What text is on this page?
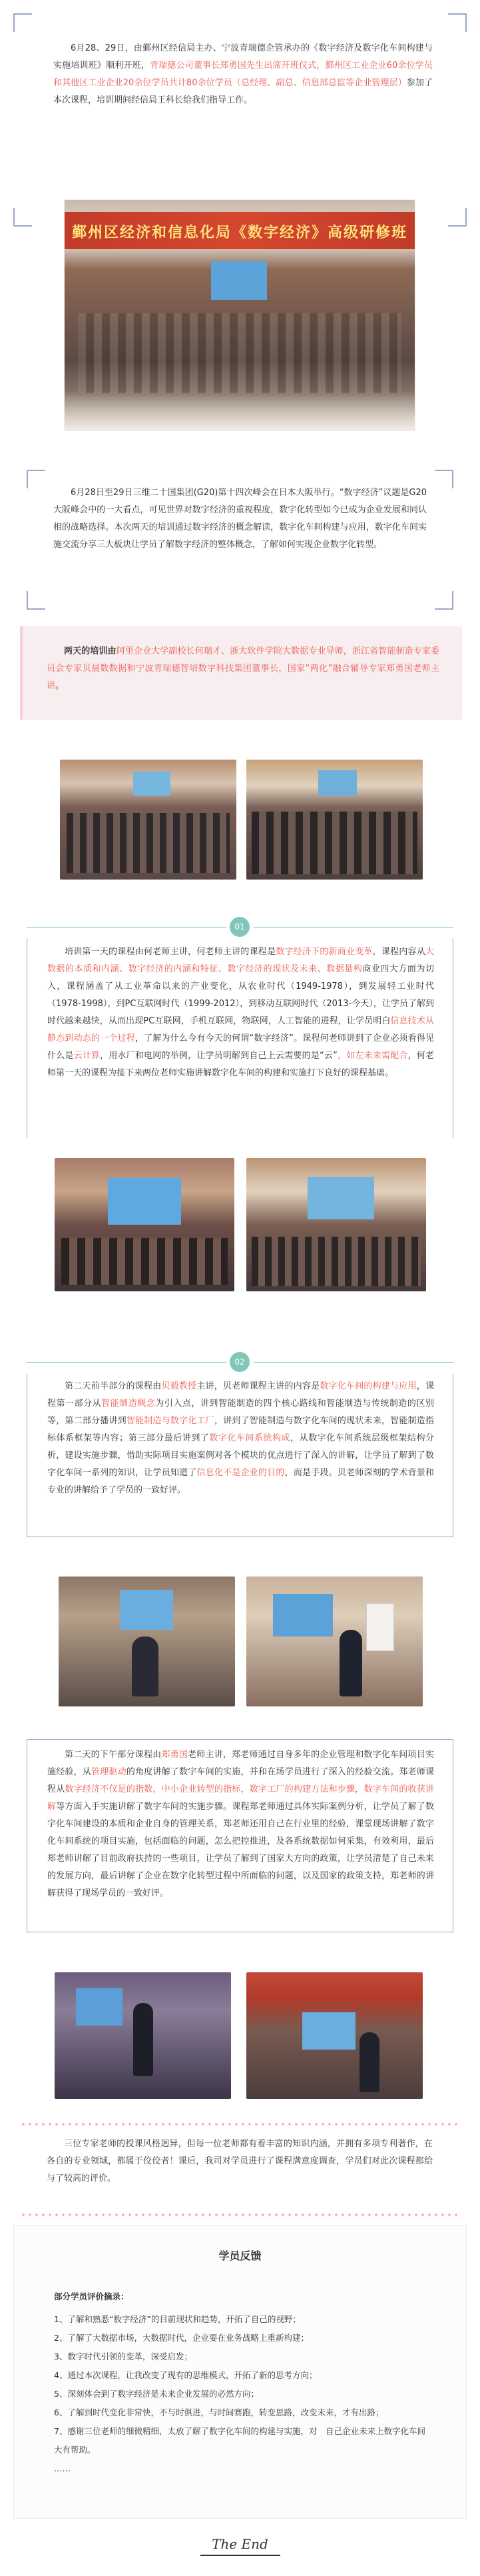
6月28、29日，由鄞州区经信局主办、宁波青瑞德企管承办的《数字经济及数字化车间构建与实施培训班》顺利开班，青瑞德公司董事长郑勇国先生出席开班仪式，鄞州区工业企业60余位学员和其他区工业企业20余位学员共计80余位学员（总经理、副总、信息部总监等企业管理层）参加了本次课程，培训期间经信局王科长给我们指导工作。
鄞州区经济和信息化局《数字经济》高级研修班
6月28日至29日三维二十国集团(G20)第十四次峰会在日本大阪举行。“数字经济”议题是G20大阪峰会中的一大看点，可见世界对数字经济的重视程度，数字化转型如今已成为企业发展和同认相的战略选择。本次两天的培训通过数字经济的概念解读，数字化车间构建与应用，数字化车间实施交流分享三大板块让学员了解数字经济的整体概念，了解如何实现企业数字化转型。
两天的培训由阿里企业大学副校长何瑞才、浙大软件学院大数据专业导师，浙江省智能制造专家委员会专家贝晨数数据和宁波青瑞德智培数字科技集团董事长，国家“两化”融合辅导专家郑勇国老师主讲。
01
培训第一天的课程由何老师主讲，何老师主讲的课程是数字经济下的新商业变革，课程内容从大数据的本质和内涵、数字经济的内涵和特征、数字经济的现状及未来、数据量构商业四大方面为切入，课程涵盖了从工业革命以来的产业变化，从农业时代（1949-1978），到发展轻工业时代（1978-1998），到PC互联网时代（1999-2012），到移动互联网时代（2013-今天），让学员了解到时代越来越快，从而出现PC互联网，手机互联网，物联网，人工智能的进程，让学员明白信息技术从静态到动态的一个过程，了解为什么今有今天的何谓“数字经济”。课程何老师讲到了企业必须看得见什么是云计算，用水厂和电网的举例，让学员明解到自己上云需要的是“云”，如左未来需配合，何老师第一天的课程为接下来两位老师实施讲解数字化车间的构建和实施打下良好的课程基础。
02
第二天前半部分的课程由贝毅教授主讲，贝老师课程主讲的内容是数字化车间的构建与应用，课程第一部分从智能制造概念为引入点，讲到智能制造的四个核心路线和智能制造与传统制造的区别等，第二部分播讲到智能制造与数字化工厂，讲到了智能制造与数字化车间的现状未来，智能制造指标体系框架等内容；第三部分最后讲到了数字化车间系统构成，从数字化车间系统层级框架结构分析，建设实施步骤，借助实际项目实施案例对各个模块的优点进行了深入的讲解，让学员了解到了数字化车间一系列的知识，让学员知道了信息化不是企业的目的，而是手段。贝老师深刻的学术背景和专业的讲解给予了学员的一致好评。
第二天的下午部分课程由郑勇国老师主讲，郑老师通过自身多年的企业管理和数字化车间项目实施经验，从管理驱动的角度讲解了数字车间的实施，并和在场学员进行了深入的经验交流。郑老师课程从数字经济不仅是的指数，中小企业转型的指标，数字工厂的构建方法和步骤，数字车间的收获讲解等方面入手实施讲解了数字车间的实施步骤。课程郑老师通过具体实际案例分析，让学员了解了数字化车间建设的本质和企业自身的管理关系，郑老师还用自己在行业里的经验，课堂现场讲解了数字化车间系统的项目实施，包括面临的问题，怎么把控推进，及各系统数据如何采集，有效利用，最后郑老师讲解了目前政府扶持的一些项目，让学员了解到了国家大方向的政策，让学员清楚了自己未来的发展方向，最后讲解了企业在数字化转型过程中所面临的问题，以及国家的政策支持，郑老师的讲解获得了现场学员的一致好评。
三位专家老师的授课风格迥异，但每一位老师都有着丰富的知识内涵，并拥有多项专利著作，在各自的专业领域，都属于佼佼者！课后，我司对学员进行了课程满意度调查，学员们对此次课程都给与了较高的评价。
学员反馈
部分学员评价摘录：
1、了解和熟悉“数字经济”的目前现状和趋势，开拓了自己的视野；
2、了解了大数据市场，大数据时代，企业要在业务战略上重新构建；
3、数字时代引领的变革，深受启发；
4、通过本次课程，让我改变了现有的思维模式，开拓了新的思考方向；
5、深刻体会到了数字经济是未来企业发展的必然方向；
6、了解到时代变化非常快，不与时俱进，与时间赛跑，转变思路，改变未来，才有出路；
7、感谢三位老师的细微精细，太放了解了数字化车间的构建与实施，对　自己企业未来上数字化车间大有帮助。
……
The End
